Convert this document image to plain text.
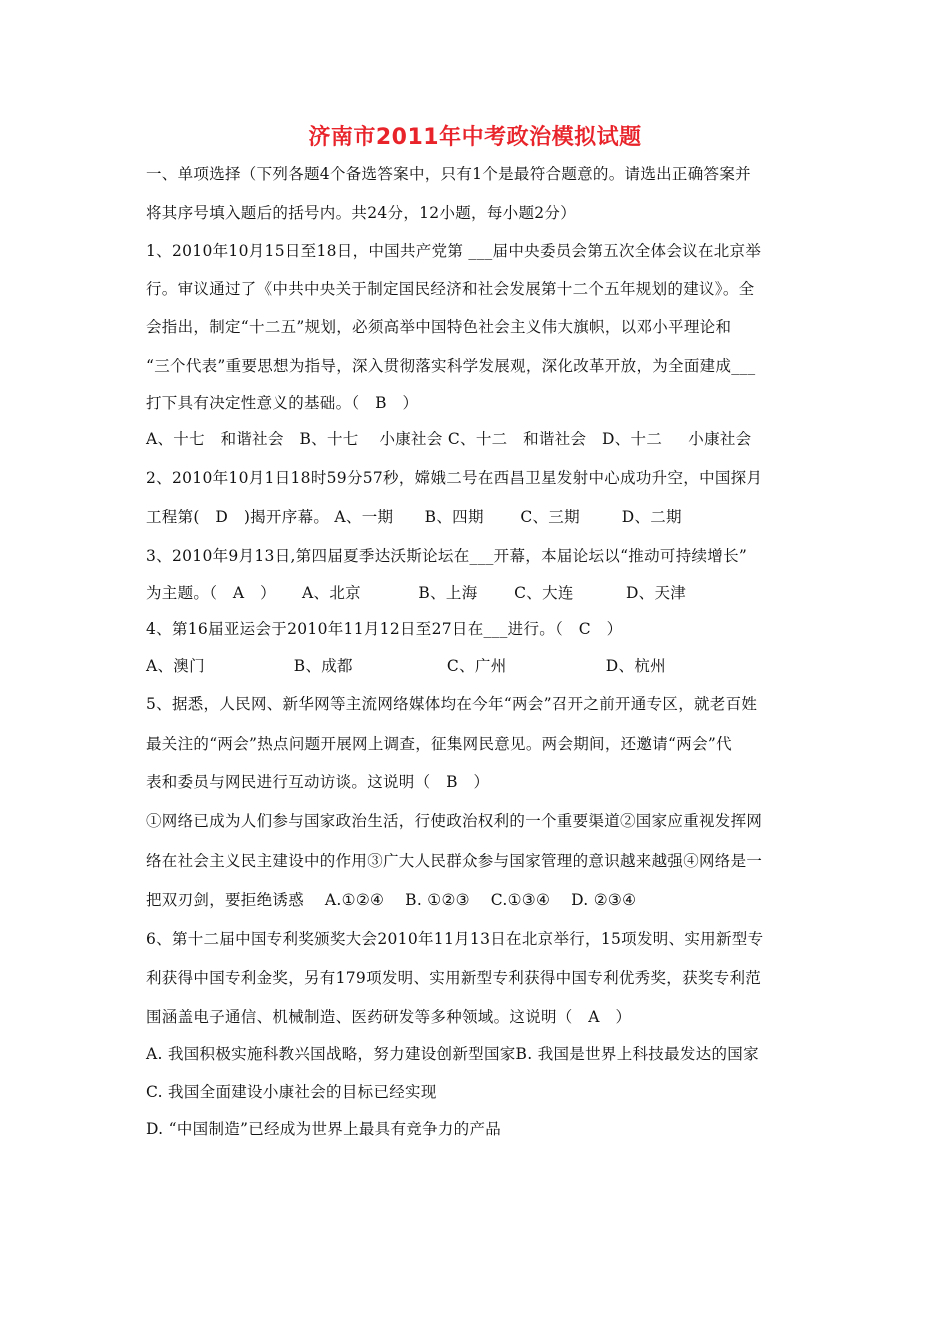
济南市2011年中考政治模拟试题
一、单项选择（下列各题4个备选答案中，只有1个是最符合题意的。请选出正确答案并
将其序号填入题后的括号内。共24分，12小题，每小题2分）
1、2010年10月15日至18日，中国共产党第 ___届中央委员会第五次全体会议在北京举
行。审议通过了《中共中央关于制定国民经济和社会发展第十二个五年规划的建议》。全
会指出，制定“十二五”规划，必须高举中国特色社会主义伟大旗帜，以邓小平理论和
“三个代表”重要思想为指导，深入贯彻落实科学发展观，深化改革开放，为全面建成___
打下具有决定性意义的基础。（   B   ）
A、十七   和谐社会   B、十七    小康社会 C、十二   和谐社会   D、十二     小康社会
2、2010年10月1日18时59分57秒，嫦娥二号在西昌卫星发射中心成功升空，中国探月
工程第(   D   )揭开序幕。 A、一期      B、四期       C、三期        D、二期
3、2010年9月13日,第四届夏季达沃斯论坛在___开幕，本届论坛以“推动可持续增长”
为主题。（   A   ）     A、北京           B、上海       C、大连          D、天津
4、第16届亚运会于2010年11月12日至27日在___进行。（   C   ）
A、澳门                 B、成都                  C、广州                   D、杭州
5、据悉，人民网、新华网等主流网络媒体均在今年“两会”召开之前开通专区，就老百姓
最关注的“两会”热点问题开展网上调查，征集网民意见。两会期间，还邀请“两会”代
表和委员与网民进行互动访谈。这说明（   B   ）
①网络已成为人们参与国家政治生活，行使政治权利的一个重要渠道②国家应重视发挥网
络在社会主义民主建设中的作用③广大人民群众参与国家管理的意识越来越强④网络是一
把双刃剑，要拒绝诱惑    A.①②④    B. ①②③    C.①③④    D. ②③④
6、第十二届中国专利奖颁奖大会2010年11月13日在北京举行，15项发明、实用新型专
利获得中国专利金奖，另有179项发明、实用新型专利获得中国专利优秀奖，获奖专利范
围涵盖电子通信、机械制造、医药研发等多种领域。这说明（   A   ）
A. 我国积极实施科教兴国战略，努力建设创新型国家B. 我国是世界上科技最发达的国家
C. 我国全面建设小康社会的目标已经实现
D. “中国制造”已经成为世界上最具有竞争力的产品
